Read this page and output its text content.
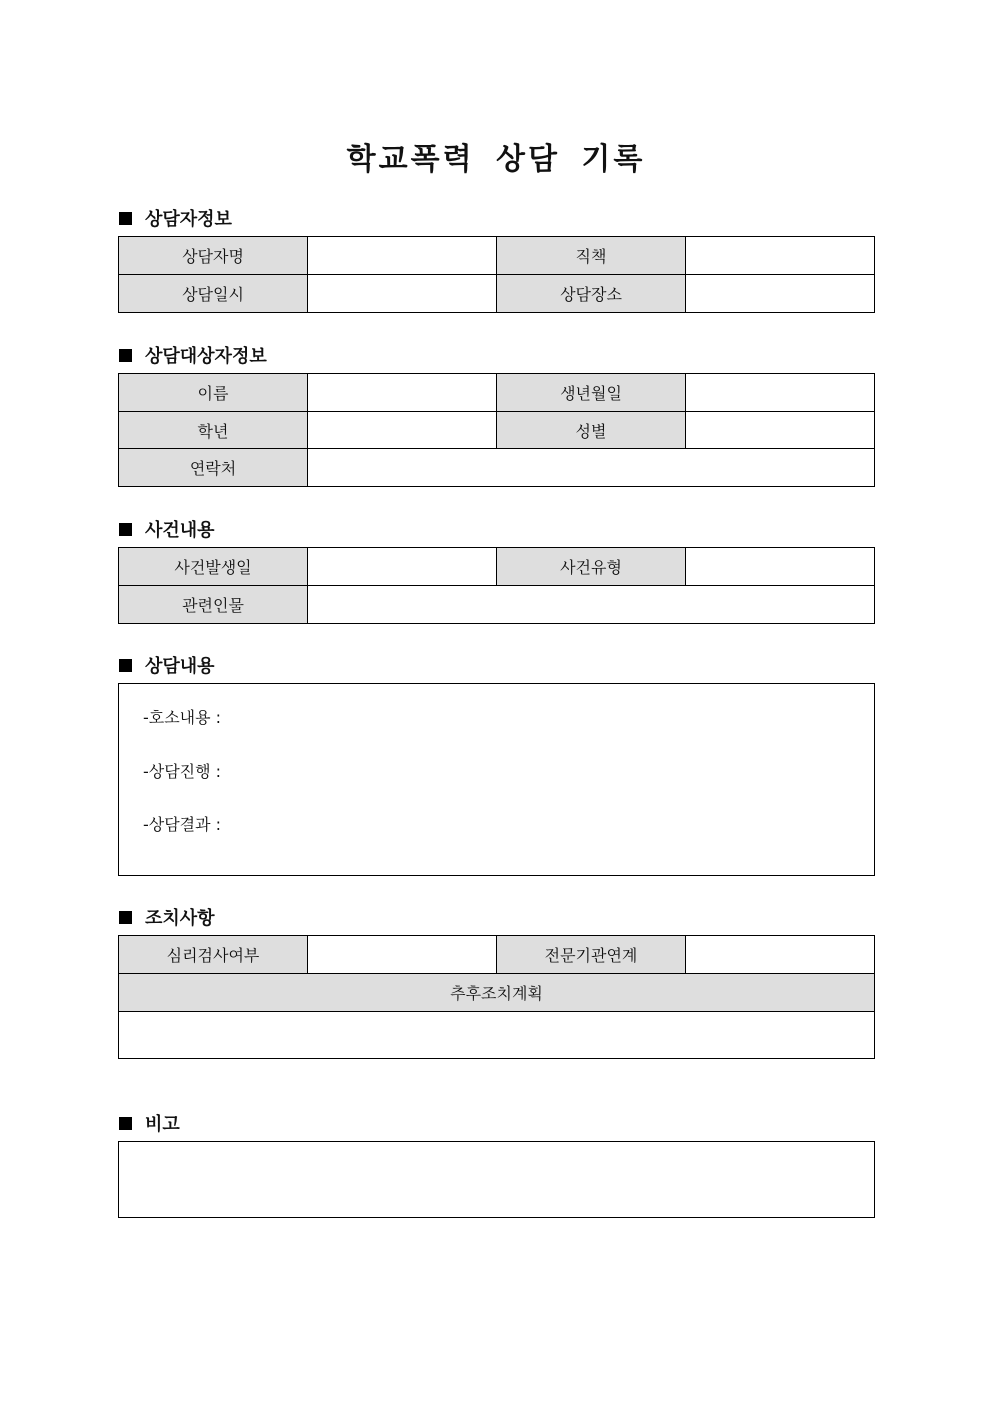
학교폭력 상담 기록
상담자정보
상담자명		직책	
상담일시		상담장소	
상담대상자정보
이름		생년월일	
학년		성별	
연락처			
사건내용
사건발생일		사건유형	
관련인물			
상담내용
-호소내용 :
-상담진행 :
-상담결과 :
조치사항
심리검사여부		전문기관연계	
추후조치계획

비고
